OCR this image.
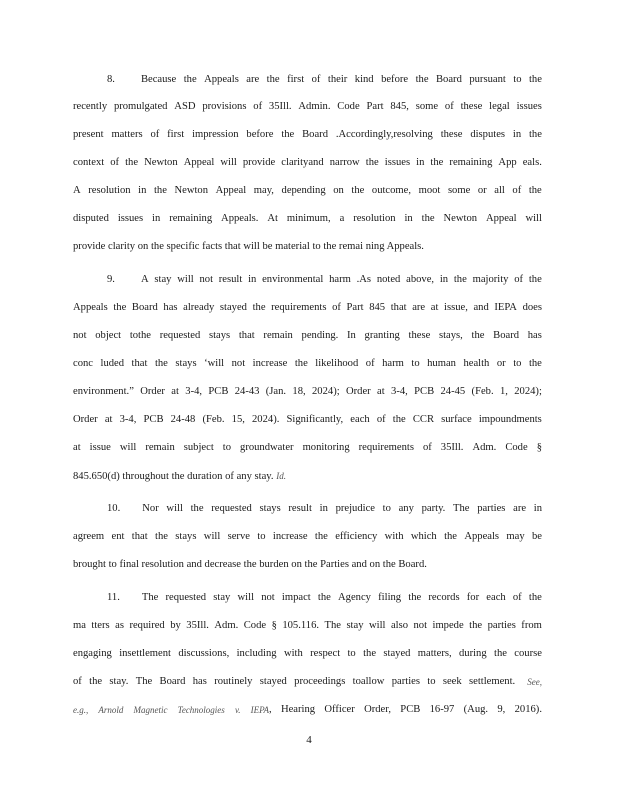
8. Because the Appeals are the first of their kind before the Board pursuant to the
recently promulgated ASD provisions of 35Ill. Admin. Code Part 845, some of these legal issues
present matters of first impression before the Board .Accordingly,resolving these disputes in the
context of the Newton Appeal will provide clarityand narrow the issues in the remaining App eals.
A resolution in the Newton Appeal may, depending on the outcome, moot some or all of the
disputed issues in remaining Appeals. At minimum, a resolution in the Newton Appeal will
provide clarity on the specific facts that will be material to the remai ning Appeals.
9. A stay will not result in environmental harm .As noted above, in the majority of the
Appeals the Board has already stayed the requirements of Part 845 that are at issue, and IEPA does
not object tothe requested stays that remain pending. In granting these stays, the Board has
conc luded that the stays ‘will not increase the likelihood of harm to human health or to the
environment.” Order at 3-4, PCB 24-43 (Jan. 18, 2024); Order at 3-4, PCB 24-45 (Feb. 1, 2024);
Order at 3-4, PCB 24-48 (Feb. 15, 2024). Significantly, each of the CCR surface impoundments
at issue will remain subject to groundwater monitoring requirements of 35Ill. Adm. Code §
845.650(d) throughout the duration of any stay. Id.
10. Nor will the requested stays result in prejudice to any party. The parties are in
agreem ent that the stays will serve to increase the efficiency with which the Appeals may be
brought to final resolution and decrease the burden on the Parties and on the Board.
11. The requested stay will not impact the Agency filing the records for each of the
ma tters as required by 35Ill. Adm. Code § 105.116. The stay will also not impede the parties from
engaging insettlement discussions, including with respect to the stayed matters, during the course
of the stay. The Board has routinely stayed proceedings toallow parties to seek settlement. See,
e.g., Arnold Magnetic Technologies v. IEPA , Hearing Officer Order, PCB 16-97 (Aug. 9, 2016).
4
